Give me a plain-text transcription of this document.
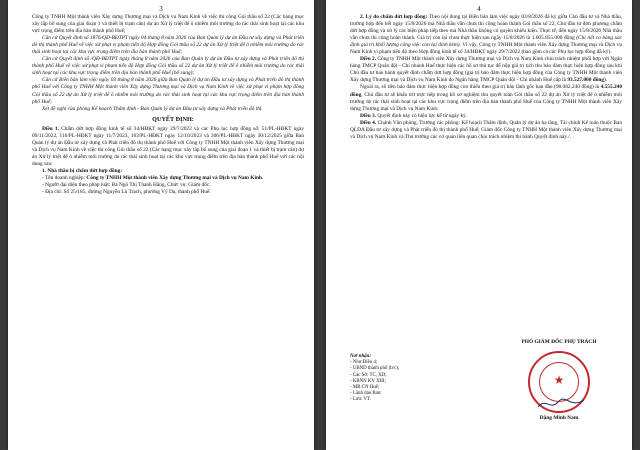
3

Công ty TNHH Một thành viên Xây dựng Thương mại và Dịch vụ Nam Kinh về việc thi công Gói thầu số 22 (Các hạng mục xây lắp bổ sung của giai đoạn 1 và thiết bị trạm cân) dự án Xử lý triệt để ô nhiễm môi trường do rác thải sinh hoạt tại các khu vực trọng điểm trên địa bàn thành phố Huế;

Căn cứ Quyết định số 1876/QĐ-BĐTPT ngày 04 tháng 8 năm 2026 của Ban Quản lý dự án Đầu tư xây dựng và Phát triển đô thị thành phố Huế về việc xử phạt vi phạm tiến độ Hợp đồng Gói thầu số 22 dự án Xử lý triệt để ô nhiễm môi trường do rác thải sinh hoạt tại các khu vực trọng điểm trên địa bàn thành phố Huế;

Căn cứ Quyết định số /QĐ-BĐTPT ngày tháng 8 năm 2026 của Ban Quản lý dự án Đầu tư xây dựng và Phát triển đô thị thành phố Huế về việc xử phạt vi phạm tiến độ Hợp đồng Gói thầu số 22 dự án Xử lý triệt để ô nhiễm môi trường do rác thải sinh hoạt tại các khu vực trọng điểm trên địa bàn thành phố Huế (bổ sung);

Căn cứ Biên bản làm việc ngày 03 tháng 8 năm 2026 giữa Ban Quản lý dự án Đầu tư xây dựng và Phát triển đô thị thành phố Huế với Công ty TNHH Một thành viên Xây dựng Thương mại và Dịch vụ Nam Kinh về việc xử phạt vi phạm hợp đồng Gói thầu số 22 dự án Xử lý triệt để ô nhiễm môi trường do rác thải sinh hoạt tại các khu vực trọng điểm trên địa bàn thành phố Huế;

Xét đề nghị của phòng Kế hoạch Thẩm định - Ban Quản lý dự án Đầu tư xây dựng và Phát triển đô thị.

QUYẾT ĐỊNH:

Điều 1. Chấm dứt hợp đồng kinh tế số 34/HĐKT ngày 29/7/2022 và các Phụ lục hợp đồng số: 51/PL-HĐKT ngày 09/11/2022, 116/PL-HĐKT ngày 11/7/2023, 163/PL-HĐKT ngày 12/10/2023 và 306/PL-HĐKT ngày 30/12/2025 giữa Ban Quản lý dự án Đầu tư xây dựng và Phát triển đô thị thành phố Huế với Công ty TNHH Một thành viên Xây dựng Thương mại và Dịch vụ Nam Kinh về việc thi công Gói thầu số 22 (Các hạng mục xây lắp bổ sung của giai đoạn 1 và thiết bị trạm cân) dự án Xử lý triệt để ô nhiễm môi trường do rác thải sinh hoạt tại các khu vực trọng điểm trên địa bàn thành phố Huế với các nội dung sau:

1. Nhà thầu bị chấm dứt hợp đồng:

- Tên doanh nghiệp: Công ty TNHH Một thành viên Xây dựng Thương mại và Dịch vụ Nam Kinh.

- Người đại diện theo pháp luật: Bà Ngô Thị Thanh Hằng, Chức vụ: Giám đốc.

- Địa chỉ: Số 25/185, đường Nguyễn Lộ Trạch, phường Vỹ Dạ, thành phố Huế.

4

2. Lý do chấm dứt hợp đồng: Theo nội dung tại Biên bản làm việc ngày 03/8/2026 đã ký giữa Chủ đầu tư và Nhà thầu, trường hợp đến hết ngày 15/8/2026 mà Nhà thầu vẫn chưa thi công hoàn thành Gói thầu số 22, Chủ đầu tư đơn phương chấm dứt hợp đồng và xử lý các biện pháp tiếp theo mà Nhà thầu không có quyền khiếu kiện. Thực tế, đến ngày 15/8/2026 Nhà thầu vẫn chưa thi công hoàn thành. Giá trị còn lại chưa thực hiện sau ngày 15/8/2026 là 1.605.855.000 đồng (Chi tiết có bảng xác định giá trị khối lượng công việc còn lại đính kèm). Vì vậy, Công ty TNHH Một thành viên Xây dựng Thương mại và Dịch vụ Nam Kinh vi phạm tiến độ theo Hợp đồng kinh tế số 34/HĐKT ngày 29/7/2022 (bao gồm cả các Phụ lục hợp đồng đã ký).

Điều 2. Công ty TNHH Một thành viên Xây dựng Thương mại và Dịch vụ Nam Kinh chịu trách nhiệm phối hợp với Ngân hàng TMCP Quân đội - Chi nhánh Huế thực hiện các hồ sơ thủ tục để nộp giá trị tịch thu bảo đảm thực hiện hợp đồng sau khi Chủ đầu tư ban hành quyết định chấm dứt hợp đồng (giá trị bảo đảm thực hiện hợp đồng của Công ty TNHH Một thành viên Xây dựng Thương mại và Dịch vụ Nam Kinh do Ngân hàng TMCP Quân đội - Chi nhánh Huế cấp là 93.527.000 đồng).

Ngoài ra, số tiền bảo đảm thực hiện hợp đồng còn thiếu theo giá trị bảo lãnh gốc ban đầu (98.082.240 đồng) là 4.555.240 đồng, Chủ đầu tư sẽ khấu trừ trực tiếp trong hồ sơ nghiệm thu quyết toán Gói thầu số 22 dự án Xử lý triệt để ô nhiễm môi trường do rác thải sinh hoạt tại các khu vực trọng điểm trên địa bàn thành phố Huế của Công ty TNHH Một thành viên Xây dựng Thương mại và Dịch vụ Nam Kinh.

Điều 3. Quyết định này có hiệu lực kể từ ngày ký.

Điều 4. Chánh Văn phòng, Trưởng các phòng: Kế hoạch Thẩm định, Quản lý dự án hạ tầng, Tài chính Kế toán thuộc Ban QLDA Đầu tư xây dựng và Phát triển đô thị thành phố Huế; Giám đốc Công ty TNHH Một thành viên Xây dựng Thương mại và Dịch vụ Nam Kinh và Thủ trưởng các cơ quan liên quan chịu trách nhiệm thi hành Quyết định này./.

Nơi nhận:
- Như Điều 4;
- UBND thành phố (b/c);
- Các Sở: TC, XD;
- KBNN KV XIII;
- MB CN Huế;
- Lãnh đạo Ban;
- Lưu: VT.
PHÓ GIÁM ĐỐC PHỤ TRÁCH
★
Đặng Minh Nam
